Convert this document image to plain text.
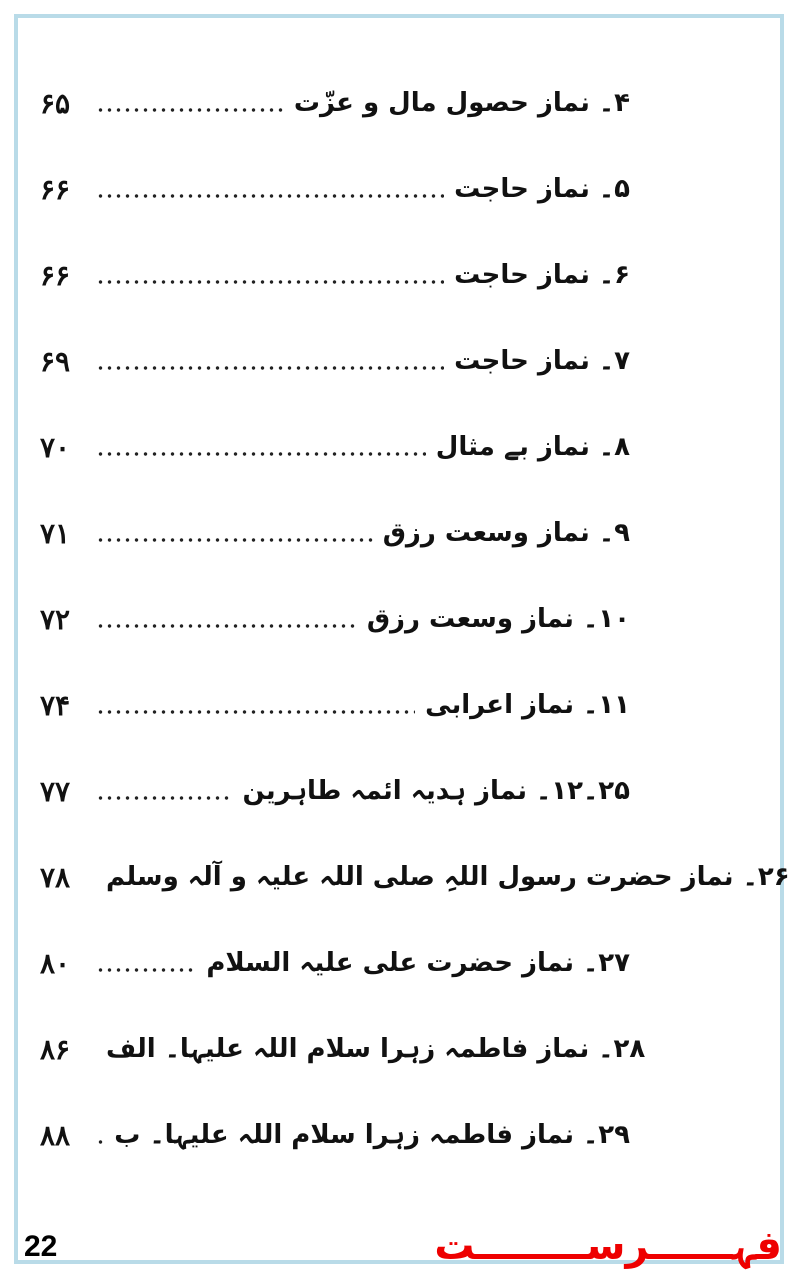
۶۵	۴۔ نماز حصول مال و عزّت
۶۶	۵۔ نماز حاجت
۶۶	۶۔ نماز حاجت
۶۹	۷۔ نماز حاجت
۷۰	۸۔ نماز بے مثال
۷۱	۹۔ نماز وسعت رزق
۷۲	۱۰۔ نماز وسعت رزق
۷۴	۱۱۔ نماز اعرابی
۷۷	۲۵۔۱۲۔ نماز ہدیہ ائمہ طاہرین
۷۸	۲۶۔ نماز حضرت رسول اللہِ صلی اللہ علیہ و آلہ وسلم
۸۰	۲۷۔ نماز حضرت علی علیہ السلام
۸۶	۲۸۔ نماز فاطمہ زہرا سلام اللہ علیہا۔ الف
۸۸	۲۹۔ نماز فاطمہ زہرا سلام اللہ علیہا۔ ب
22	فہــــــرســــــــت
